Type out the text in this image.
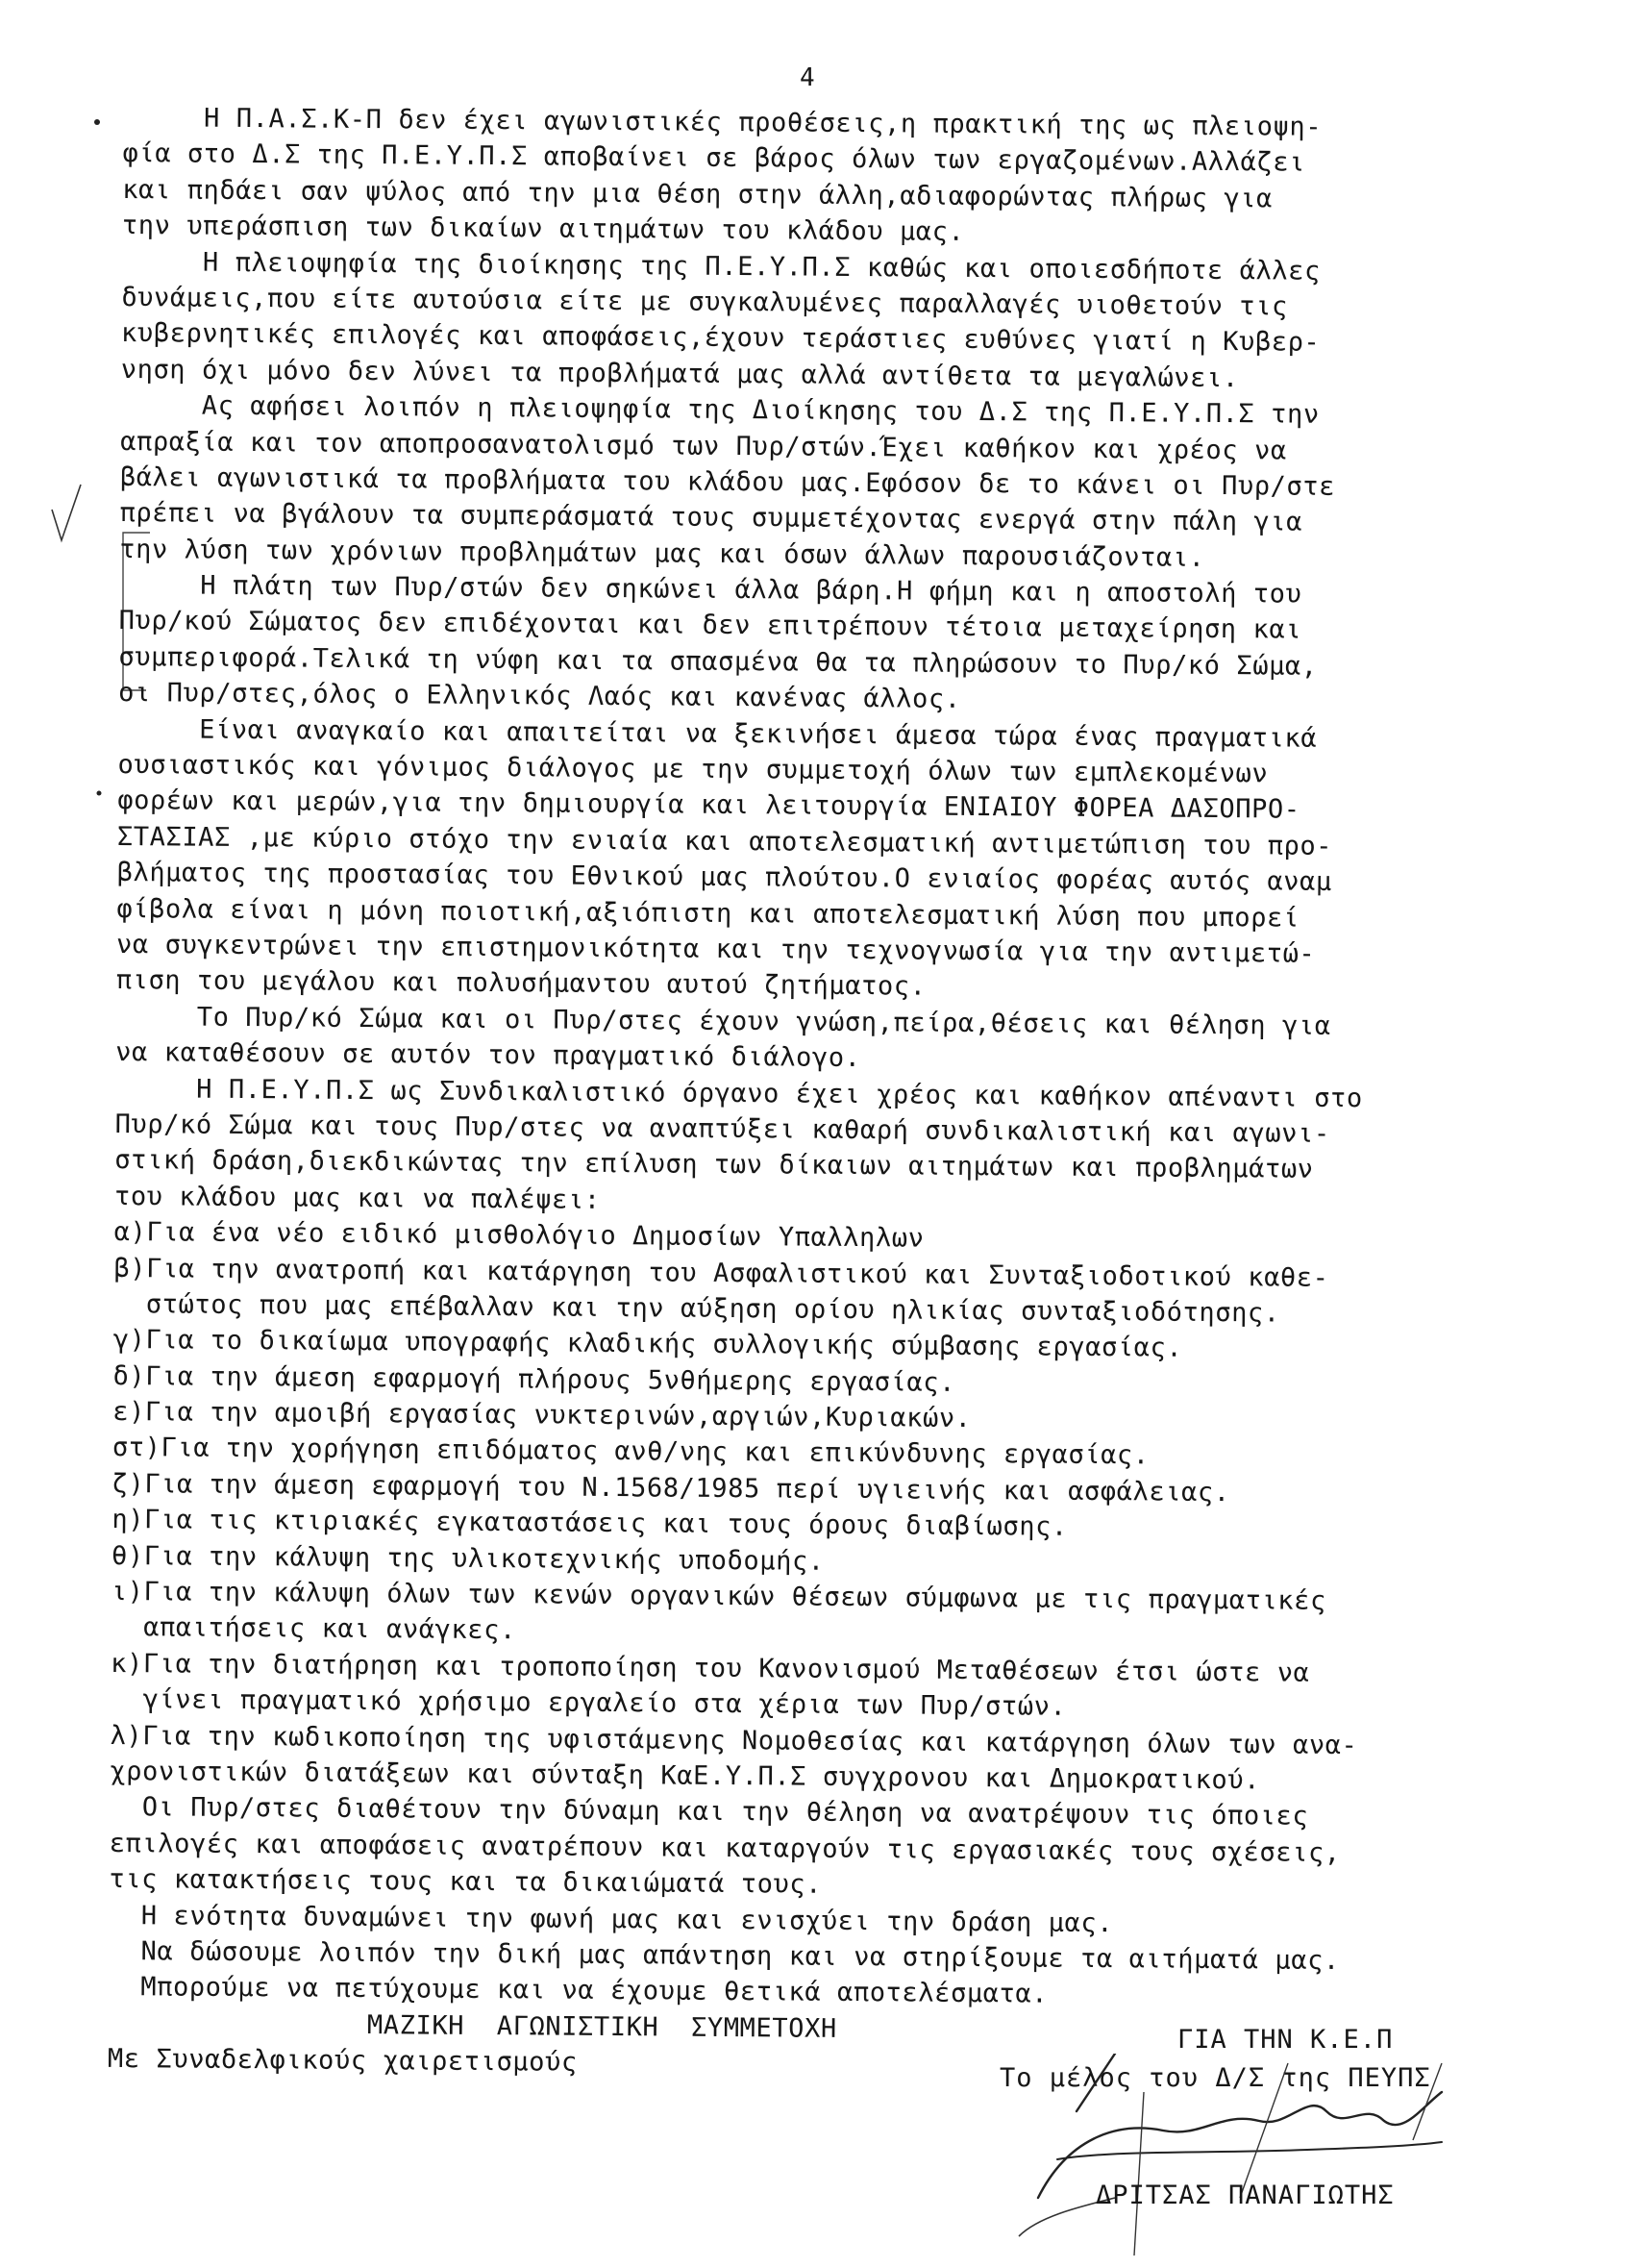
4
Η Π.Α.Σ.Κ-Π δεν έχει αγωνιστικές προθέσεις,η πρακτική της ως πλειοψη-
φία στο Δ.Σ της Π.Ε.Υ.Π.Σ αποβαίνει σε βάρος όλων των εργαζομένων.Αλλάζει
και πηδάει σαν ψύλος από την μια θέση στην άλλη,αδιαφορώντας πλήρως για
την υπεράσπιση των δικαίων αιτημάτων του κλάδου μας.
Η πλειοψηφία της διοίκησης της Π.Ε.Υ.Π.Σ καθώς και οποιεσδήποτε άλλες
δυνάμεις,που είτε αυτούσια είτε με συγκαλυμένες παραλλαγές υιοθετούν τις
κυβερνητικές επιλογές και αποφάσεις,έχουν τεράστιες ευθύνες γιατί η Κυβερ-
νηση όχι μόνο δεν λύνει τα προβλήματά μας αλλά αντίθετα τα μεγαλώνει.
Ας αφήσει λοιπόν η πλειοψηφία της Διοίκησης του Δ.Σ της Π.Ε.Υ.Π.Σ την
απραξία και τον αποπροσανατολισμό των Πυρ/στών.Έχει καθήκον και χρέος να
βάλει αγωνιστικά τα προβλήματα του κλάδου μας.Εφόσον δε το κάνει οι Πυρ/στε
πρέπει να βγάλουν τα συμπεράσματά τους συμμετέχοντας ενεργά στην πάλη για
την λύση των χρόνιων προβλημάτων μας και όσων άλλων παρουσιάζονται.
Η πλάτη των Πυρ/στών δεν σηκώνει άλλα βάρη.Η φήμη και η αποστολή του
Πυρ/κού Σώματος δεν επιδέχονται και δεν επιτρέπουν τέτοια μεταχείρηση και
συμπεριφορά.Τελικά τη νύφη και τα σπασμένα θα τα πληρώσουν το Πυρ/κό Σώμα,
οι Πυρ/στες,όλος ο Ελληνικός Λαός και κανένας άλλος.
Είναι αναγκαίο και απαιτείται να ξεκινήσει άμεσα τώρα ένας πραγματικά
ουσιαστικός και γόνιμος διάλογος με την συμμετοχή όλων των εμπλεκομένων
φορέων και μερών,για την δημιουργία και λειτουργία ΕΝΙΑΙΟΥ ΦΟΡΕΑ ΔΑΣΟΠΡΟ-
ΣΤΑΣΙΑΣ ,με κύριο στόχο την ενιαία και αποτελεσματική αντιμετώπιση του προ-
βλήματος της προστασίας του Εθνικού μας πλούτου.Ο ενιαίος φορέας αυτός αναμ
φίβολα είναι η μόνη ποιοτική,αξιόπιστη και αποτελεσματική λύση που μπορεί
να συγκεντρώνει την επιστημονικότητα και την τεχνογνωσία για την αντιμετώ-
πιση του μεγάλου και πολυσήμαντου αυτού ζητήματος.
Το Πυρ/κό Σώμα και οι Πυρ/στες έχουν γνώση,πείρα,θέσεις και θέληση για
να καταθέσουν σε αυτόν τον πραγματικό διάλογο.
Η Π.Ε.Υ.Π.Σ ως Συνδικαλιστικό όργανο έχει χρέος και καθήκον απέναντι στο
Πυρ/κό Σώμα και τους Πυρ/στες να αναπτύξει καθαρή συνδικαλιστική και αγωνι-
στική δράση,διεκδικώντας την επίλυση των δίκαιων αιτημάτων και προβλημάτων
του κλάδου μας και να παλέψει:
α)Για ένα νέο ειδικό μισθολόγιο Δημοσίων Υπαλληλων
β)Για την ανατροπή και κατάργηση του Ασφαλιστικού και Συνταξιοδοτικού καθε-
στώτος που μας επέβαλλαν και την αύξηση ορίου ηλικίας συνταξιοδότησης.
γ)Για το δικαίωμα υπογραφής κλαδικής συλλογικής σύμβασης εργασίας.
δ)Για την άμεση εφαρμογή πλήρους 5νθήμερης εργασίας.
ε)Για την αμοιβή εργασίας νυκτερινών,αργιών,Κυριακών.
στ)Για την χορήγηση επιδόματος ανθ/νης και επικύνδυνης εργασίας.
ζ)Για την άμεση εφαρμογή του Ν.1568/1985 περί υγιεινής και ασφάλειας.
η)Για τις κτιριακές εγκαταστάσεις και τους όρους διαβίωσης.
θ)Για την κάλυψη της υλικοτεχνικής υποδομής.
ι)Για την κάλυψη όλων των κενών οργανικών θέσεων σύμφωνα με τις πραγματικές
απαιτήσεις και ανάγκες.
κ)Για την διατήρηση και τροποποίηση του Κανονισμού Μεταθέσεων έτσι ώστε να
γίνει πραγματικό χρήσιμο εργαλείο στα χέρια των Πυρ/στών.
λ)Για την κωδικοποίηση της υφιστάμενης Νομοθεσίας και κατάργηση όλων των ανα-
χρονιστικών διατάξεων και σύνταξη ΚαΕ.Υ.Π.Σ συγχρονου και Δημοκρατικού.
Οι Πυρ/στες διαθέτουν την δύναμη και την θέληση να ανατρέψουν τις όποιες
επιλογές και αποφάσεις ανατρέπουν και καταργούν τις εργασιακές τους σχέσεις,
τις κατακτήσεις τους και τα δικαιώματά τους.
Η ενότητα δυναμώνει την φωνή μας και ενισχύει την δράση μας.
Να δώσουμε λοιπόν την δική μας απάντηση και να στηρίξουμε τα αιτήματά μας.
Μπορούμε να πετύχουμε και να έχουμε θετικά αποτελέσματα.
ΜΑΖΙΚΗ  ΑΓΩΝΙΣΤΙΚΗ  ΣΥΜΜΕΤΟΧΗ
Με Συναδελφικούς χαιρετισμούς
ΓΙΑ ΤΗΝ Κ.Ε.Π
Το μέλος του Δ/Σ της ΠΕΥΠΣ
ΔΡΙΤΣΑΣ ΠΑΝΑΓΙΩΤΗΣ
